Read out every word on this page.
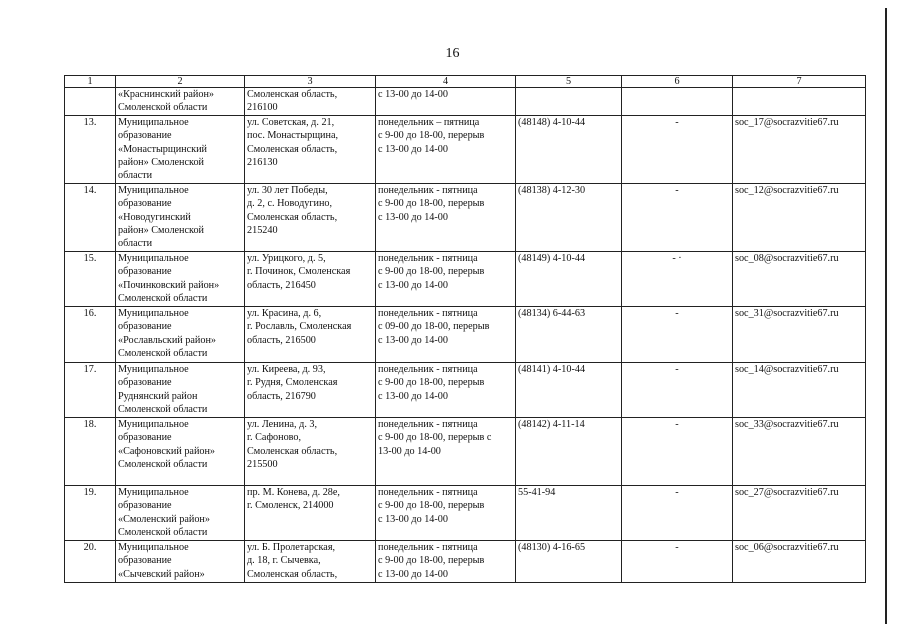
16
1	2	3	4	5	6	7

	«Краснинский район»
Смоленской области	Смоленская область,
216100	с 13-00 до 14-00			

13.	Муниципальное
образование
«Монастырщинский
район» Смоленской
области	ул. Советская, д. 21,
пос. Монастырщина,
Смоленская область,
216130	понедельник – пятница
с 9-00 до 18-00, перерыв
с 13-00 до 14-00	(48148) 4-10-44	-	soc_17@socrazvitie67.ru
14.	Муниципальное
образование
«Новодугинский
район» Смоленской
области	ул. 30 лет Победы,
д. 2, с. Новодугино,
Смоленская область,
215240	понедельник - пятница
с 9-00 до 18-00, перерыв
с 13-00 до 14-00	(48138) 4-12-30	-	soc_12@socrazvitie67.ru
15.	Муниципальное
образование
«Починковский район»
Смоленской области	ул. Урицкого, д. 5,
г. Починок, Смоленская
область, 216450	понедельник - пятница
с 9-00 до 18-00, перерыв
с 13-00 до 14-00	(48149) 4-10-44	- ·	soc_08@socrazvitie67.ru
16.	Муниципальное
образование
«Рославльский район»
Смоленской области	ул. Красина, д. 6,
г. Рославль, Смоленская
область, 216500	понедельник - пятница
с 09-00 до 18-00, перерыв
с 13-00 до 14-00	(48134) 6-44-63	-	soc_31@socrazvitie67.ru
17.	Муниципальное
образование
Руднянский район
Смоленской области	ул. Киреева, д. 93,
г. Рудня, Смоленская
область, 216790	понедельник - пятница
с 9-00 до 18-00, перерыв
с 13-00 до 14-00	(48141) 4-10-44	-	soc_14@socrazvitie67.ru
18.	Муниципальное
образование
«Сафоновский район»
Смоленской области	ул. Ленина, д. 3,
г. Сафоново,
Смоленская область,
215500	понедельник - пятница
с 9-00 до 18-00, перерыв с
13-00 до 14-00	(48142) 4-11-14	-	soc_33@socrazvitie67.ru
19.	Муниципальное
образование
«Смоленский район»
Смоленской области	пр. М. Конева, д. 28е,
г. Смоленск, 214000	понедельник - пятница
с 9-00 до 18-00, перерыв
с 13-00 до 14-00	55-41-94	-	soc_27@socrazvitie67.ru
20.	Муниципальное
образование
«Сычевский район»	ул. Б. Пролетарская,
д. 18, г. Сычевка,
Смоленская область,	понедельник - пятница
с 9-00 до 18-00, перерыв
с 13-00 до 14-00	(48130) 4-16-65	-	soc_06@socrazvitie67.ru
